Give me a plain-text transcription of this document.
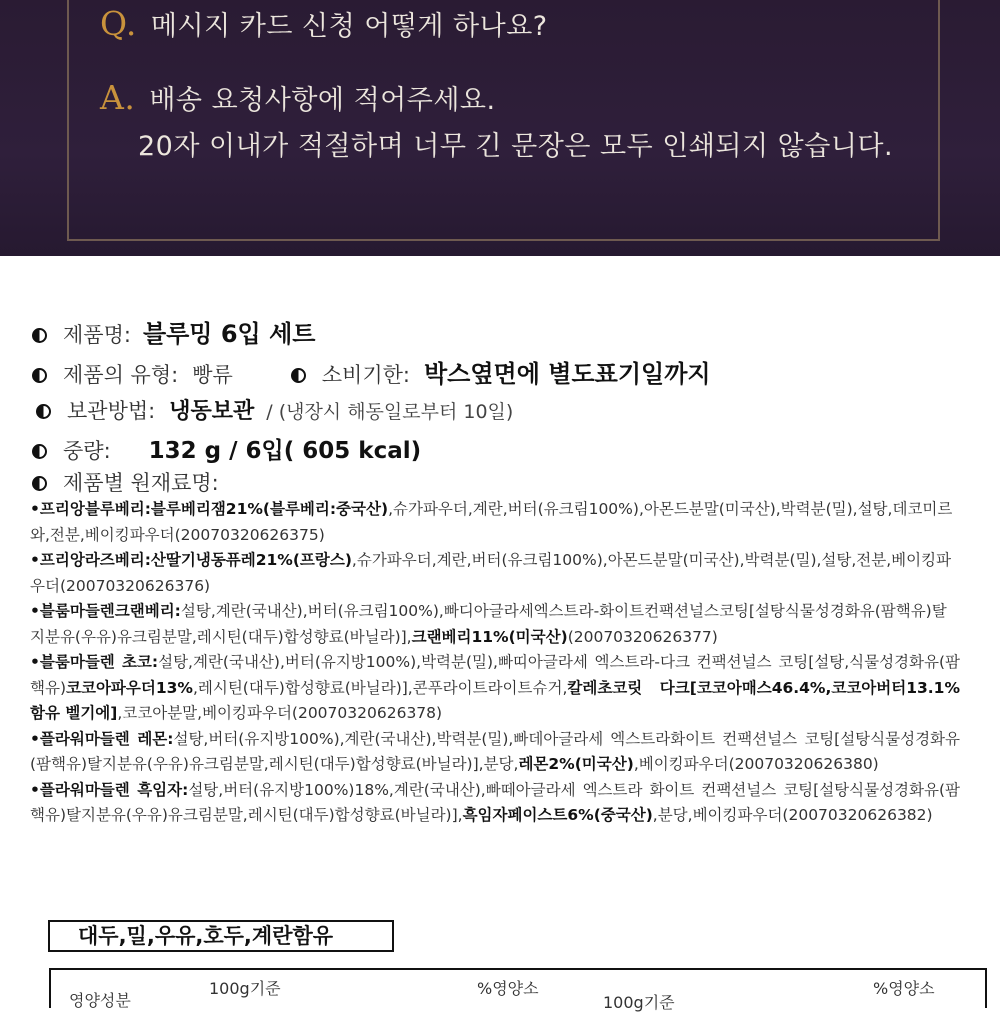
Q. 메시지 카드 신청 어떻게 하나요?
A. 배송 요청사항에 적어주세요.
20자 이내가 적절하며 너무 긴 문장은 모두 인쇄되지 않습니다.
제품명: 블루밍 6입 세트
제품의 유형: 빵류	소비기한: 박스옆면에 별도표기일까지
보관방법: 냉동보관 / (냉장시 해동일로부터 10일)
중량: 132 g / 6입( 605 kcal)
제품별 원재료명:

•프리앙블루베리:블루베리잼21%(블루베리:중국산),슈가파우더,계란,버터(유크림100%),아몬드분말(미국산),박력분(밀),설탕,데코미르와,전분,베이킹파우더(20070320626375)

•프리앙라즈베리:산딸기냉동퓨레21%(프랑스),슈가파우더,계란,버터(유크림100%),아몬드분말(미국산),박력분(밀),설탕,전분,베이킹파우더(20070320626376)

•블룸마들렌크랜베리:설탕,계란(국내산),버터(유크림100%),빠디아글라세엑스트라-화이트컨팩션널스코팅[설탕식물성경화유(팜핵유)탈지분유(우유)유크림분말,레시틴(대두)합성향료(바닐라)],크랜베리11%(미국산)(20070320626377)

•블룸마들렌 초코:설탕,계란(국내산),버터(유지방100%),박력분(밀),빠띠아글라세 엑스트라-다크 컨팩션널스 코팅[설탕,식물성경화유(팜핵유)코코아파우더13%,레시틴(대두)합성향료(바닐라)],콘푸라이트라이트슈거,칼레초코릿 다크[코코아매스46.4%,코코아버터13.1%함유 벨기에],코코아분말,베이킹파우더(20070320626378)

•플라워마들렌 레몬:설탕,버터(유지방100%),계란(국내산),박력분(밀),빠데아글라세 엑스트라화이트 컨팩션널스 코팅[설탕식물성경화유(팜핵유)탈지분유(우유)유크림분말,레시틴(대두)합성향료(바닐라)],분당,레몬2%(미국산),베이킹파우더(20070320626380)

•플라워마들렌 흑임자:설탕,버터(유지방100%)18%,계란(국내산),빠떼아글라세 엑스트라 화이트 컨팩션널스 코팅[설탕식물성경화유(팜핵유)탈지분유(우유)유크림분말,레시틴(대두)합성향료(바닐라)],흑임자페이스트6%(중국산),분당,베이킹파우더(20070320626382)

대두,밀,우유,호두,계란함유
영양성분
100g기준	%영양소
100g기준
%영양소
